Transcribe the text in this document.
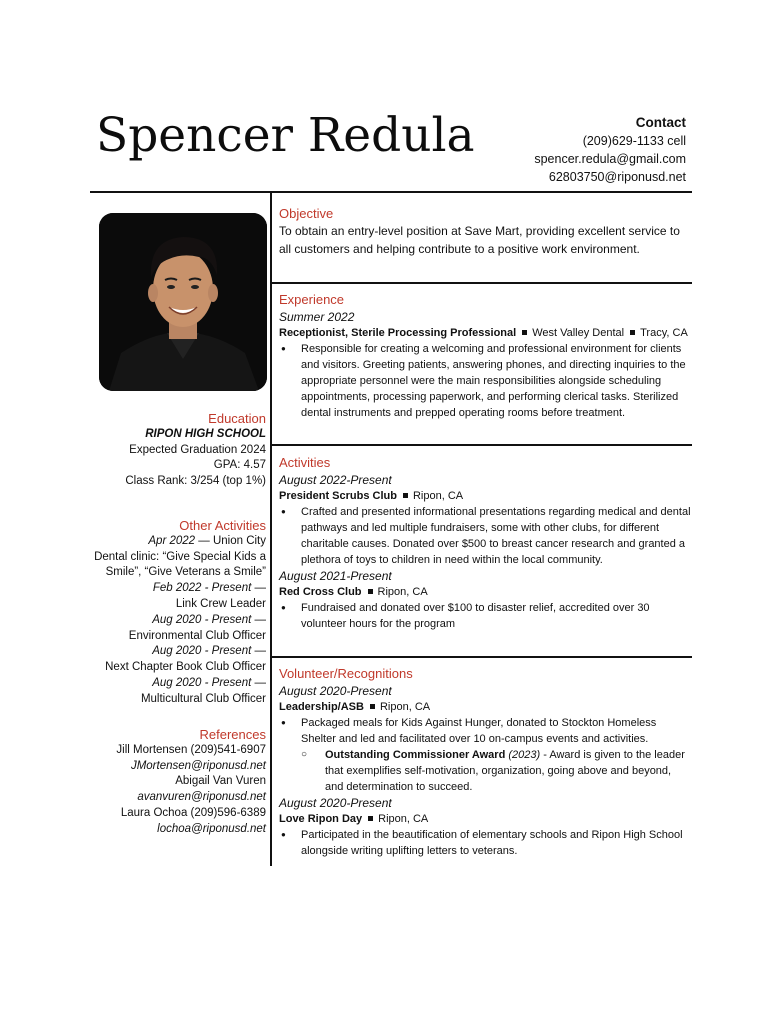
Spencer Redula	Contact
(209)629-1133 cell
spencer.redula@gmail.com
62803750@riponusd.net
Education
RIPON HIGH SCHOOL
Expected Graduation 2024
GPA: 4.57
Class Rank: 3/254 (top 1%)
Other Activities
Apr 2022 — Union City
Dental clinic: “Give Special Kids a
Smile”, “Give Veterans a Smile”
Feb 2022 - Present —
Link Crew Leader
Aug 2020 - Present —
Environmental Club Officer
Aug 2020 - Present —
Next Chapter Book Club Officer
Aug 2020 - Present —
Multicultural Club Officer
References
Jill Mortensen (209)541-6907
JMortensen@riponusd.net
Abigail Van Vuren
avanvuren@riponusd.net
Laura Ochoa (209)596-6389
lochoa@riponusd.net
Objective
To obtain an entry-level position at Save Mart, providing excellent service to all customers and helping contribute to a positive work environment.
Experience
Summer 2022
Receptionist, Sterile Processing Professional West Valley Dental Tracy, CA
● Responsible for creating a welcoming and professional environment for clients and visitors. Greeting patients, answering phones, and directing inquiries to the appropriate personnel were the main responsibilities alongside scheduling appointments, processing paperwork, and performing clerical tasks. Sterilized dental instruments and prepped operating rooms before treatment.
Activities
August 2022-Present
President Scrubs Club Ripon, CA
● Crafted and presented informational presentations regarding medical and dental pathways and led multiple fundraisers, some with other clubs, for different charitable causes. Donated over $500 to breast cancer research and granted a plethora of toys to children in need within the local community.
August 2021-Present
Red Cross Club Ripon, CA
● Fundraised and donated over $100 to disaster relief, accredited over 30 volunteer hours for the program
Volunteer/Recognitions
August 2020-Present
Leadership/ASB Ripon, CA
● Packaged meals for Kids Against Hunger, donated to Stockton Homeless Shelter and led and facilitated over 10 on-campus events and activities.
○ Outstanding Commissioner Award (2023) - Award is given to the leader that exemplifies self-motivation, organization, going above and beyond, and determination to succeed.
August 2020-Present
Love Ripon Day Ripon, CA
● Participated in the beautification of elementary schools and Ripon High School alongside writing uplifting letters to veterans.
